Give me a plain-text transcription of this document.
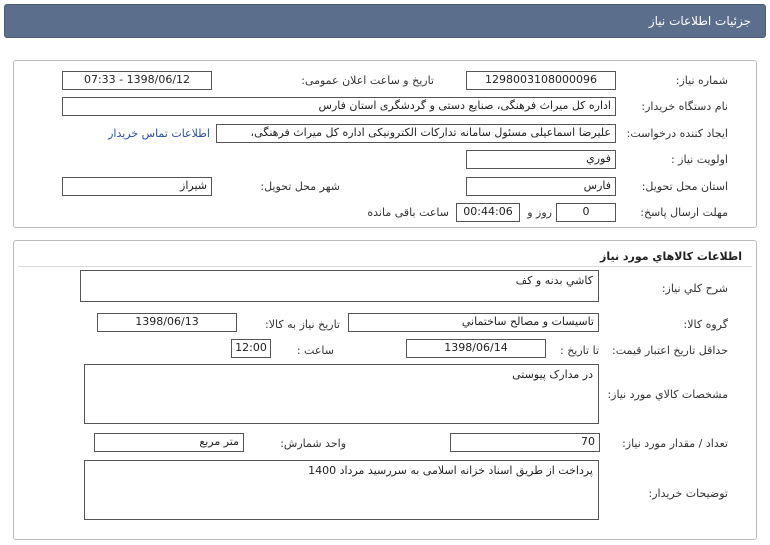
جزئيات اطلاعات نياز
شماره نياز:
1298003108000096
تاريخ و ساعت اعلان عمومی:
1398/06/12 - 07:33
نام دستگاه خريدار:
اداره کل ميراث فرهنگی، صنايع دستی و گردشگری استان فارس
ايجاد کننده درخواست:
عليرضا اسماعيلی مسئول سامانه تدارکات الکترونيکی اداره کل ميراث فرهنگی،
اطلاعات تماس خريدار
اولويت نياز :
فوري
استان محل تحويل:
فارس
شهر محل تحويل:
شيراز
مهلت ارسال پاسخ:
0
روز و
00:44:06
ساعت باقی مانده
اطلاعات کالاهاي مورد نياز
شرح کلي نياز:
کاشي بدنه و کف
گروه کالا:
تاسيسات و مصالح ساختماني
تاريخ نياز به کالا:
1398/06/13
حداقل تاريخ اعتبار قيمت:
تا تاريخ :
1398/06/14
ساعت :
12:00
مشخصات کالاي مورد نياز:
در مدارک پيوستی
تعداد / مقدار مورد نياز:
70
واحد شمارش:
متر مربع
توضيحات خريدار:
پرداخت از طريق اسناد خزانه اسلامی به سررسيد مرداد 1400
